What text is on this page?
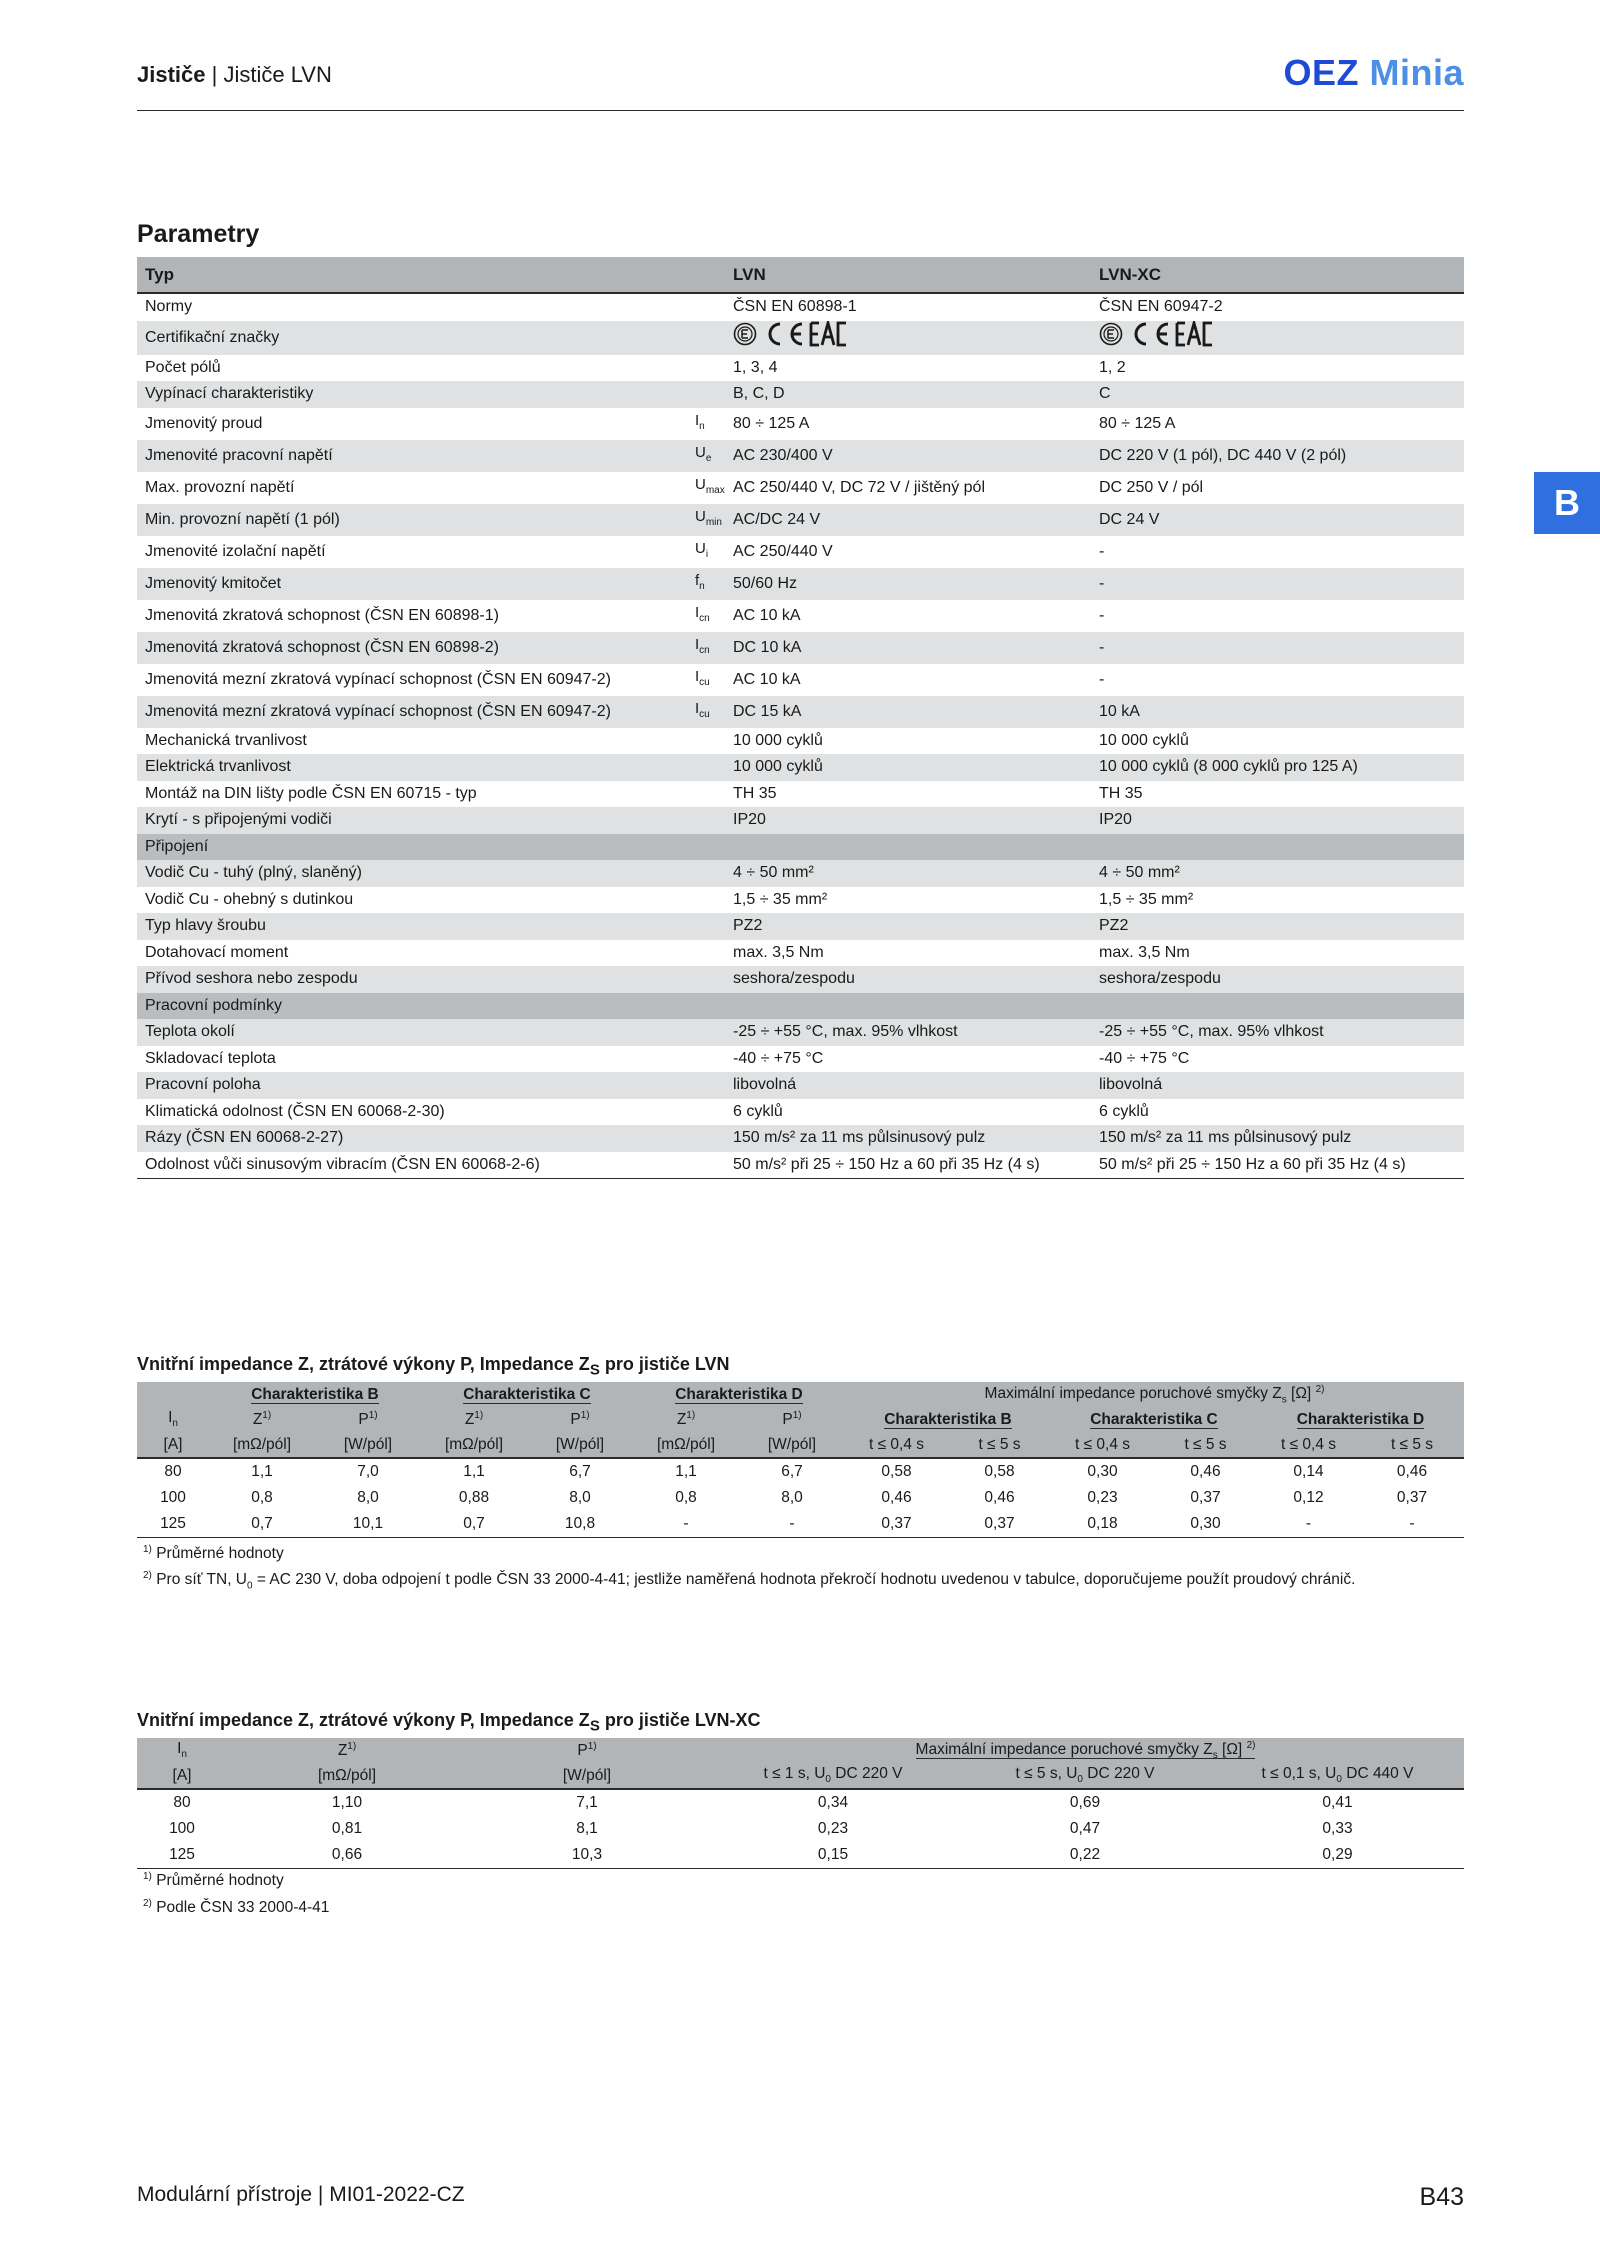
Jističe | Jističe LVN	OEZ Minia
B
Parametry
Typ		LVN	LVN-XC
Normy		ČSN EN 60898-1	ČSN EN 60947-2
Certifikační značky		

Počet pólů		1, 3, 4	1, 2
Vypínací charakteristiky		B, C, D	C
Jmenovitý proud	$I_n$	80 ÷ 125 A	80 ÷ 125 A
Jmenovité pracovní napětí	$U_e$	AC 230/400 V	DC 220 V (1 pól), DC 440 V (2 pól)
Max. provozní napětí	$U_{max}$	AC 250/440 V, DC 72 V / jištěný pól	DC 250 V / pól
Min. provozní napětí (1 pól)	$U_{min}$	AC/DC 24 V	DC 24 V
Jmenovité izolační napětí	$U_i$	AC 250/440 V	-
Jmenovitý kmitočet	$f_n$	50/60 Hz	-
Jmenovitá zkratová schopnost (ČSN EN 60898-1)	$I_{cn}$	AC 10 kA	-
Jmenovitá zkratová schopnost (ČSN EN 60898-2)	$I_{cn}$	DC 10 kA	-
Jmenovitá mezní zkratová vypínací schopnost (ČSN EN 60947-2)	$I_{cu}$	AC 10 kA	-
Jmenovitá mezní zkratová vypínací schopnost (ČSN EN 60947-2)	$I_{cu}$	DC 15 kA	10 kA
Mechanická trvanlivost		10 000 cyklů	10 000 cyklů
Elektrická trvanlivost		10 000 cyklů	10 000 cyklů (8 000 cyklů pro 125 A)
Montáž na DIN lišty podle ČSN EN 60715 - typ		TH 35	TH 35
Krytí - s připojenými vodiči		IP20	IP20
Připojení			
Vodič Cu - tuhý (plný, slaněný)		4 ÷ 50 mm²	4 ÷ 50 mm²
Vodič Cu - ohebný s dutinkou		1,5 ÷ 35 mm²	1,5 ÷ 35 mm²
Typ hlavy šroubu		PZ2	PZ2
Dotahovací moment		max. 3,5 Nm	max. 3,5 Nm
Přívod seshora nebo zespodu		seshora/zespodu	seshora/zespodu
Pracovní podmínky			
Teplota okolí		-25 ÷ +55 °C, max. 95% vlhkost	-25 ÷ +55 °C, max. 95% vlhkost
Skladovací teplota		-40 ÷ +75 °C	-40 ÷ +75 °C
Pracovní poloha		libovolná	libovolná
Klimatická odolnost (ČSN EN 60068-2-30)		6 cyklů	6 cyklů
Rázy (ČSN EN 60068-2-27)		150 m/s² za 11 ms půlsinusový pulz	150 m/s² za 11 ms půlsinusový pulz
Odolnost vůči sinusovým vibracím (ČSN EN 60068-2-6)		50 m/s² při 25 ÷ 150 Hz a 60 při 35 Hz (4 s)	50 m/s² při 25 ÷ 150 Hz a 60 při 35 Hz (4 s)
Vnitřní impedance Z, ztrátové výkony P, Impedance $Z_S$ pro jističe LVN
	Charakteristika B		Charakteristika C		Charakteristika D		Maximální impedance poruchové smyčky $Z_s$ [Ω] $^{2)}$
$I_n$	$Z^{1)}$	$P^{1)}$	$Z^{1)}$	$P^{1)}$	$Z^{1)}$	$P^{1)}$	Charakteristika B		Charakteristika C		Charakteristika D	
[A]	[mΩ/pól]	[W/pól]	[mΩ/pól]	[W/pól]	[mΩ/pól]	[W/pól]	t ≤ 0,4 s	t ≤ 5 s	t ≤ 0,4 s	t ≤ 5 s	t ≤ 0,4 s	t ≤ 5 s
80	1,1	7,0	1,1	6,7	1,1	6,7	0,58	0,58	0,30	0,46	0,14	0,46
100	0,8	8,0	0,88	8,0	0,8	8,0	0,46	0,46	0,23	0,37	0,12	0,37
125	0,7	10,1	0,7	10,8	-	-	0,37	0,37	0,18	0,30	-	-
$^{1)}$ Průměrné hodnoty
$^{2)}$ Pro síť TN, $U_0$ = AC 230 V, doba odpojení t podle ČSN 33 2000-4-41; jestliže naměřená hodnota překročí hodnotu uvedenou v tabulce, doporučujeme použít proudový chránič.
Vnitřní impedance Z, ztrátové výkony P, Impedance $Z_S$ pro jističe LVN-XC
$I_n$	$Z^{1)}$	$P^{1)}$	Maximální impedance poruchové smyčky $Z_s$ [Ω] $^{2)}$
[A]	[mΩ/pól]	[W/pól]	t ≤ 1 s, $U_0$ DC 220 V	t ≤ 5 s, $U_0$ DC 220 V	t ≤ 0,1 s, $U_0$ DC 440 V
80	1,10	7,1	0,34	0,69	0,41
100	0,81	8,1	0,23	0,47	0,33
125	0,66	10,3	0,15	0,22	0,29
$^{1)}$ Průměrné hodnoty
$^{2)}$ Podle ČSN 33 2000-4-41
Modulární přístroje | MI01-2022-CZ	B43
